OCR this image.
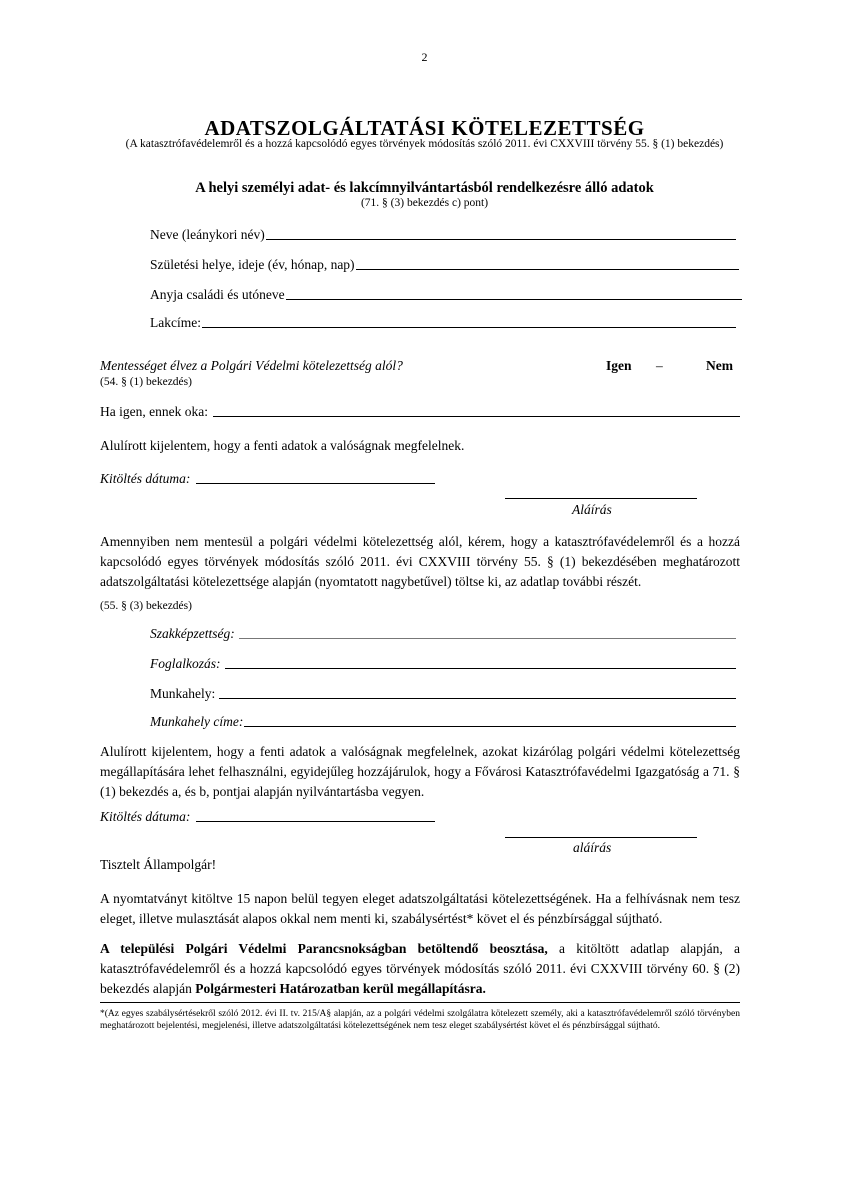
2
ADATSZOLGÁLTATÁSI KÖTELEZETTSÉG
(A katasztrófavédelemről és a hozzá kapcsolódó egyes törvények módosítás szóló 2011. évi CXXVIII törvény 55. § (1) bekezdés)
A helyi személyi adat- és lakcímnyilvántartásból rendelkezésre álló adatok
(71. § (3) bekezdés c) pont)
Neve (leánykori név)
Születési helye, ideje (év, hónap, nap)
Anyja családi és utóneve
Lakcíme:
Mentességet élvez a Polgári Védelmi kötelezettség alól?	Igen –	Nem
(54. § (1) bekezdés)
Ha igen, ennek oka:
Alulírott kijelentem, hogy a fenti adatok a valóságnak megfelelnek.
Kitöltés dátuma:
Aláírás
Amennyiben nem mentesül a polgári védelmi kötelezettség alól, kérem, hogy a katasztrófavédelemről és a hozzá kapcsolódó egyes törvények módosítás szóló 2011. évi CXXVIII törvény 55. § (1) bekezdésében meghatározott adatszolgáltatási kötelezettsége alapján (nyomtatott nagybetűvel) töltse ki, az adatlap további részét.
(55. § (3) bekezdés)
Szakképzettség:
Foglalkozás:
Munkahely:
Munkahely címe:
Alulírott kijelentem, hogy a fenti adatok a valóságnak megfelelnek, azokat kizárólag polgári védelmi kötelezettség megállapítására lehet felhasználni, egyidejűleg hozzájárulok, hogy a Fővárosi Katasztrófavédelmi Igazgatóság a 71. § (1) bekezdés a, és b, pontjai alapján nyilvántartásba vegyen.
Kitöltés dátuma:
aláírás
Tisztelt Állampolgár!
A nyomtatványt kitöltve 15 napon belül tegyen eleget adatszolgáltatási kötelezettségének. Ha a felhívásnak nem tesz eleget, illetve mulasztását alapos okkal nem menti ki, szabálysértést* követ el és pénzbírsággal sújtható.
A települési Polgári Védelmi Parancsnokságban betöltendő beosztása, a kitöltött adatlap alapján, a katasztrófavédelemről és a hozzá kapcsolódó egyes törvények módosítás szóló 2011. évi CXXVIII törvény 60. § (2) bekezdés alapján Polgármesteri Határozatban kerül megállapításra.
*(Az egyes szabálysértésekről szóló 2012. évi II. tv. 215/A§ alapján, az a polgári védelmi szolgálatra kötelezett személy, aki a katasztrófavédelemről szóló törvényben meghatározott bejelentési, megjelenési, illetve adatszolgáltatási kötelezettségének nem tesz eleget szabálysértést követ el és pénzbírsággal sújtható.
